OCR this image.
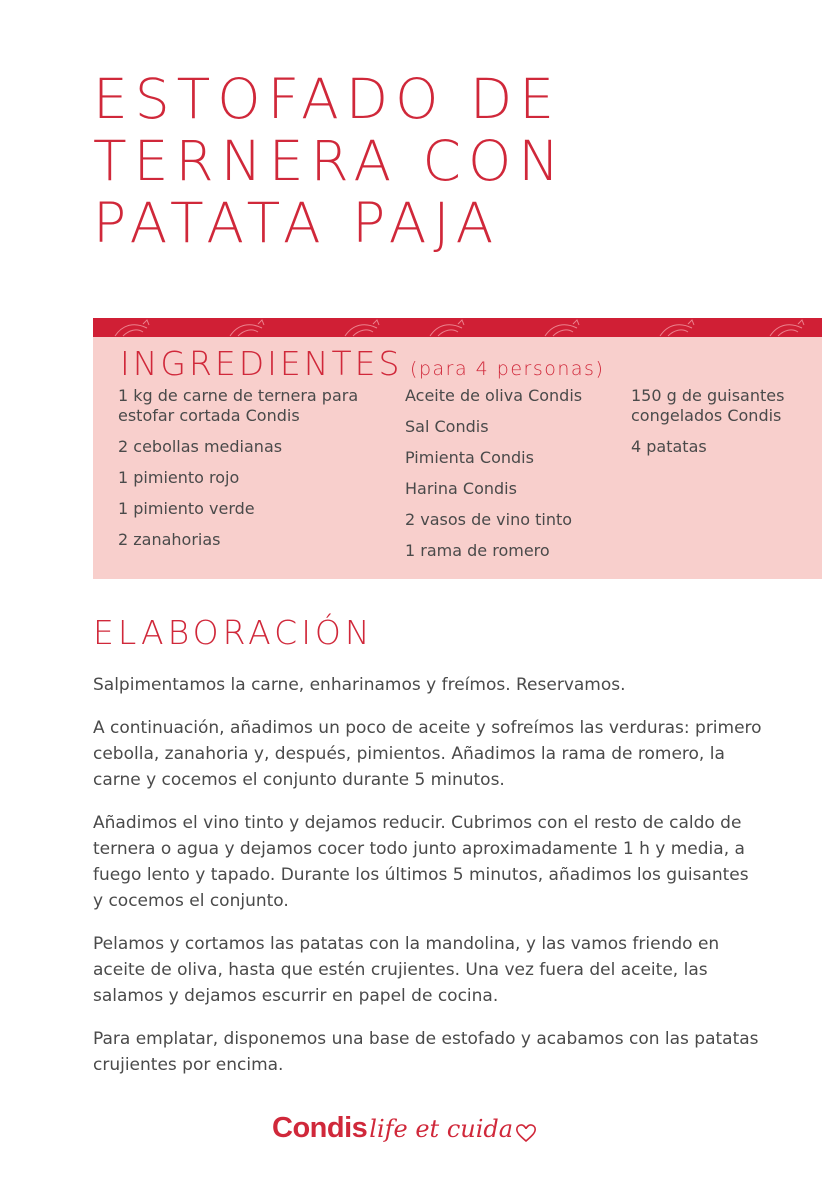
ESTOFADO DE
TERNERA CON
PATATA PAJA
INGREDIENTES (para 4 personas)
1 kg de carne de ternera para estofar cortada Condis
2 cebollas medianas
1 pimiento rojo
1 pimiento verde
2 zanahorias
Aceite de oliva Condis
Sal Condis
Pimienta Condis
Harina Condis
2 vasos de vino tinto
1 rama de romero
150 g de guisantes congelados Condis
4 patatas
ELABORACIÓN

Salpimentamos la carne, enharinamos y freímos. Reservamos.

A continuación, añadimos un poco de aceite y sofreímos las verduras: primero cebolla, zanahoria y, después, pimientos. Añadimos la rama de romero, la carne y cocemos el conjunto durante 5 minutos.

Añadimos el vino tinto y dejamos reducir. Cubrimos con el resto de caldo de ternera o agua y dejamos cocer todo junto aproximadamente 1 h y media, a fuego lento y tapado. Durante los últimos 5 minutos, añadimos los guisantes y cocemos el conjunto.

Pelamos y cortamos las patatas con la mandolina, y las vamos friendo en aceite de oliva, hasta que estén crujientes. Una vez fuera del aceite, las salamos y dejamos escurrir en papel de cocina.

Para emplatar, disponemos una base de estofado y acabamos con las patatas crujientes por encima.

Condislife et cuida
